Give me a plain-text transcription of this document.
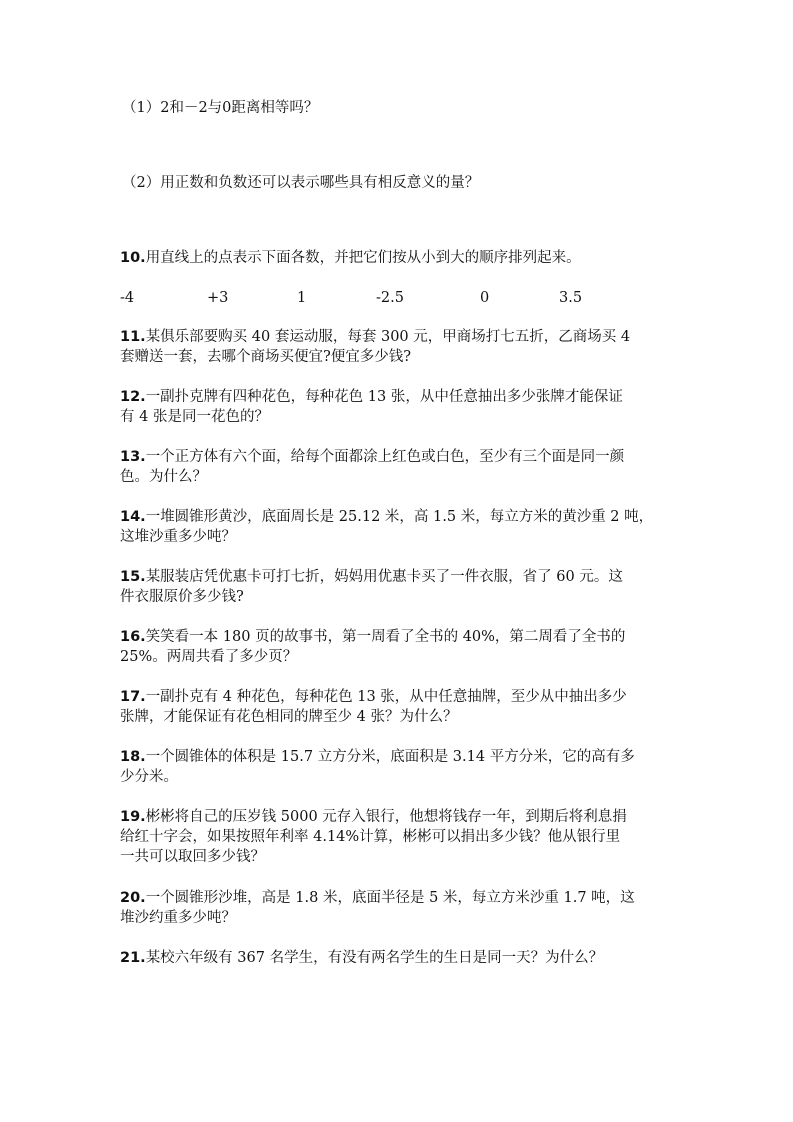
（1）2和－2与0距离相等吗？
（2）用正数和负数还可以表示哪些具有相反意义的量？
10.用直线上的点表示下面各数，并把它们按从小到大的顺序排列起来。
-4	+3	1	-2.5	0	3.5
11.某俱乐部要购买 40 套运动服，每套 300 元，甲商场打七五折，乙商场买 4
套赠送一套，去哪个商场买便宜?便宜多少钱?
12.一副扑克牌有四种花色，每种花色 13 张，从中任意抽出多少张牌才能保证
有 4 张是同一花色的？
13.一个正方体有六个面，给每个面都涂上红色或白色，至少有三个面是同一颜
色。为什么？
14.一堆圆锥形黄沙，底面周长是 25.12 米，高 1.5 米，每立方米的黄沙重 2 吨，
这堆沙重多少吨？
15.某服装店凭优惠卡可打七折，妈妈用优惠卡买了一件衣服，省了 60 元。这
件衣服原价多少钱?
16.笑笑看一本 180 页的故事书，第一周看了全书的 40%，第二周看了全书的
25%。两周共看了多少页？
17.一副扑克有 4 种花色，每种花色 13 张，从中任意抽牌，至少从中抽出多少
张牌，才能保证有花色相同的牌至少 4 张？为什么？
18.一个圆锥体的体积是 15.7 立方分米，底面积是 3.14 平方分米，它的高有多
少分米。
19.彬彬将自己的压岁钱 5000 元存入银行，他想将钱存一年，到期后将利息捐
给红十字会，如果按照年利率 4.14%计算，彬彬可以捐出多少钱？他从银行里
一共可以取回多少钱？
20.一个圆锥形沙堆，高是 1.8 米，底面半径是 5 米，每立方米沙重 1.7 吨，这
堆沙约重多少吨？
21.某校六年级有 367 名学生，有没有两名学生的生日是同一天？为什么？
